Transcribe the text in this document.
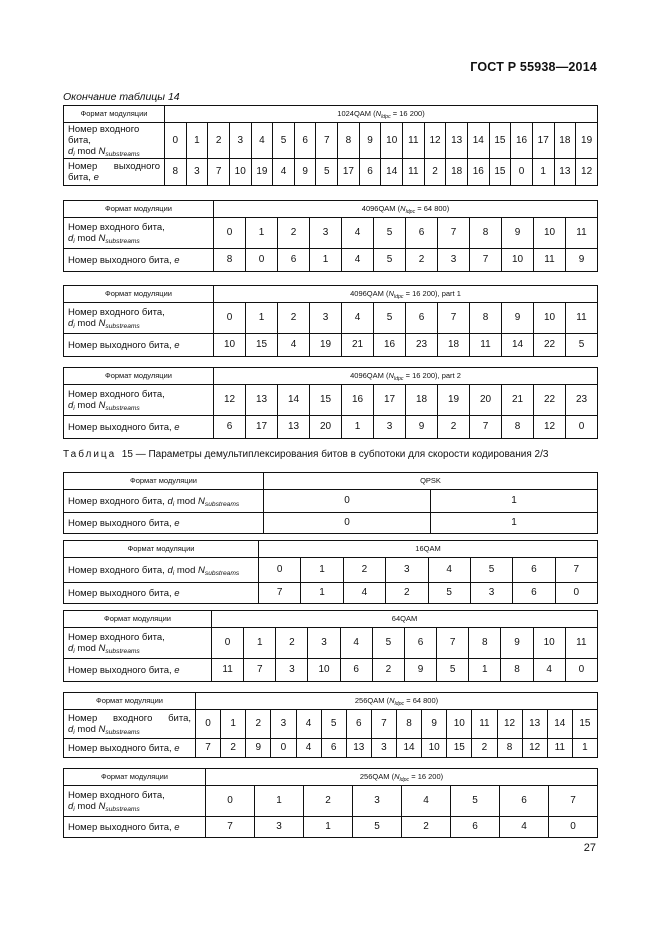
ГОСТ Р 55938—2014
Окончание таблицы 14
Формат модуляции	1024QAM ($N_{ldpc} = 16$ 200)																			
Номер входного бита,
$d_i$ mod $N_{substreams}$	0	1	2	3	4	5	6	7	8	9	10	11	12	13	14	15	16	17	18	19

Номер выходного
бита, e	8	3	7	10	19	4	9	5	17	6	14	11	2	18	16	15	0	1	13	12
Формат модуляции	4096QAM ($N_{ldpc} = 64$ 800)											
Номер входного бита,
$d_i$ mod $N_{substreams}$	0	1	2	3	4	5	6	7	8	9	10	11
Номер выходного бита, e	8	0	6	1	4	5	2	3	7	10	11	9
Формат модуляции	4096QAM ($N_{ldpc} = 16$ 200), part 1											
Номер входного бита,
$d_i$ mod $N_{substreams}$	0	1	2	3	4	5	6	7	8	9	10	11
Номер выходного бита, e	10	15	4	19	21	16	23	18	11	14	22	5
Формат модуляции	4096QAM ($N_{ldpc} = 16$ 200), part 2											
Номер входного бита,
$d_i$ mod $N_{substreams}$	12	13	14	15	16	17	18	19	20	21	22	23
Номер выходного бита, e	6	17	13	20	1	3	9	2	7	8	12	0
Таблица 15 — Параметры демультиплексирования битов в субпотоки для скорости кодирования 2/3
Формат модуляции	QPSK	
Номер входного бита, $d_i$ mod $N_{substreams}$	0	1
Номер выходного бита, e	0	1
Формат модуляции	16QAM							
Номер входного бита, $d_i$ mod $N_{substreams}$	0	1	2	3	4	5	6	7
Номер выходного бита, e	7	1	4	2	5	3	6	0
Формат модуляции	64QAM											
Номер входного бита,
$d_i$ mod $N_{substreams}$	0	1	2	3	4	5	6	7	8	9	10	11
Номер выходного бита, e	11	7	3	10	6	2	9	5	1	8	4	0
Формат модуляции	256QAM ($N_{ldpc} = 64$ 800)															

Номер входного бита,
$d_i$ mod $N_{substreams}$	0	1	2	3	4	5	6	7	8	9	10	11	12	13	14	15
Номер выходного бита, e	7	2	9	0	4	6	13	3	14	10	15	2	8	12	11	1
Формат модуляции	256QAM ($N_{ldpc} = 16$ 200)							
Номер входного бита,
$d_i$ mod $N_{substreams}$	0	1	2	3	4	5	6	7
Номер выходного бита, e	7	3	1	5	2	6	4	0
27
